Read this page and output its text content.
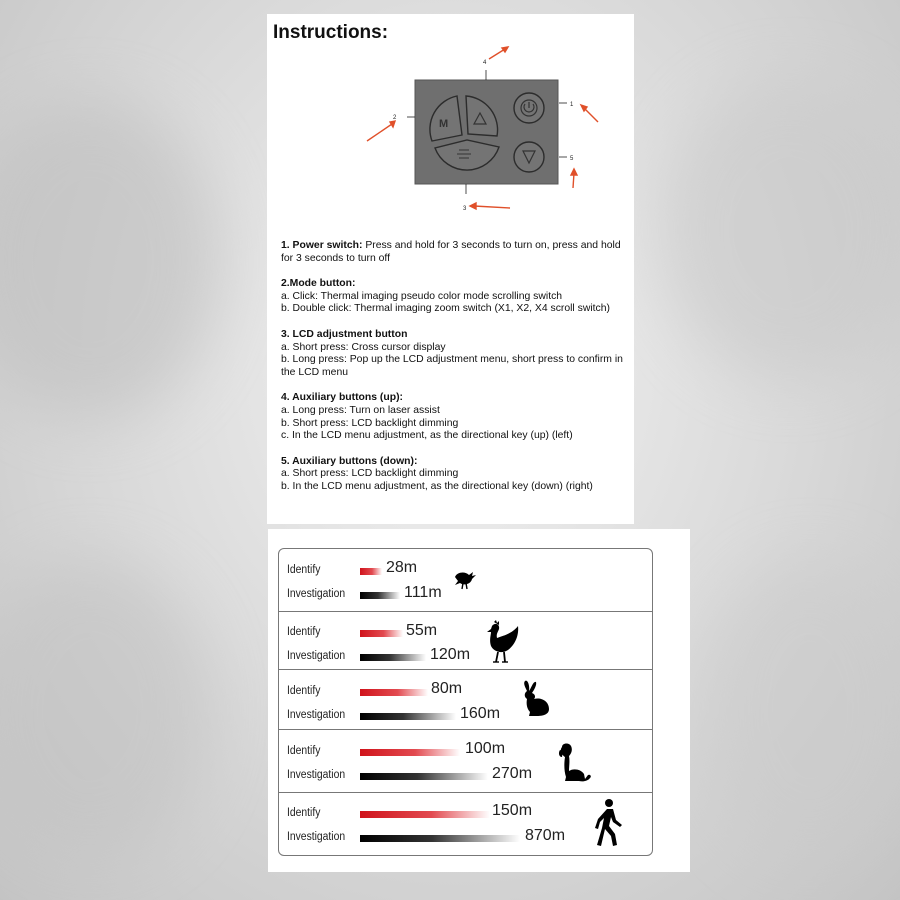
Instructions:
M
1
2
3
4
5

1. Power switch: Press and hold for 3 seconds to turn on, press and hold for 3 seconds to turn off

2.Mode button:

a. Click: Thermal imaging pseudo color mode scrolling switch

b. Double click: Thermal imaging zoom switch (X1, X2, X4 scroll switch)

3. LCD adjustment button

a. Short press: Cross cursor display

b. Long press: Pop up the LCD adjustment menu, short press to confirm in the LCD menu

4. Auxiliary buttons (up):

a. Long press: Turn on laser assist

b. Short press: LCD backlight dimming

c. In the LCD menu adjustment, as the directional key (up) (left)

5. Auxiliary buttons (down):

a. Short press: LCD backlight dimming

b. In the LCD menu adjustment, as the directional key (down) (right)

Identify
Investigation
28m
111m
Identify
Investigation
55m
120m
Identify
Investigation
80m
160m
Identify
Investigation
100m
270m
Identify
Investigation
150m
870m
